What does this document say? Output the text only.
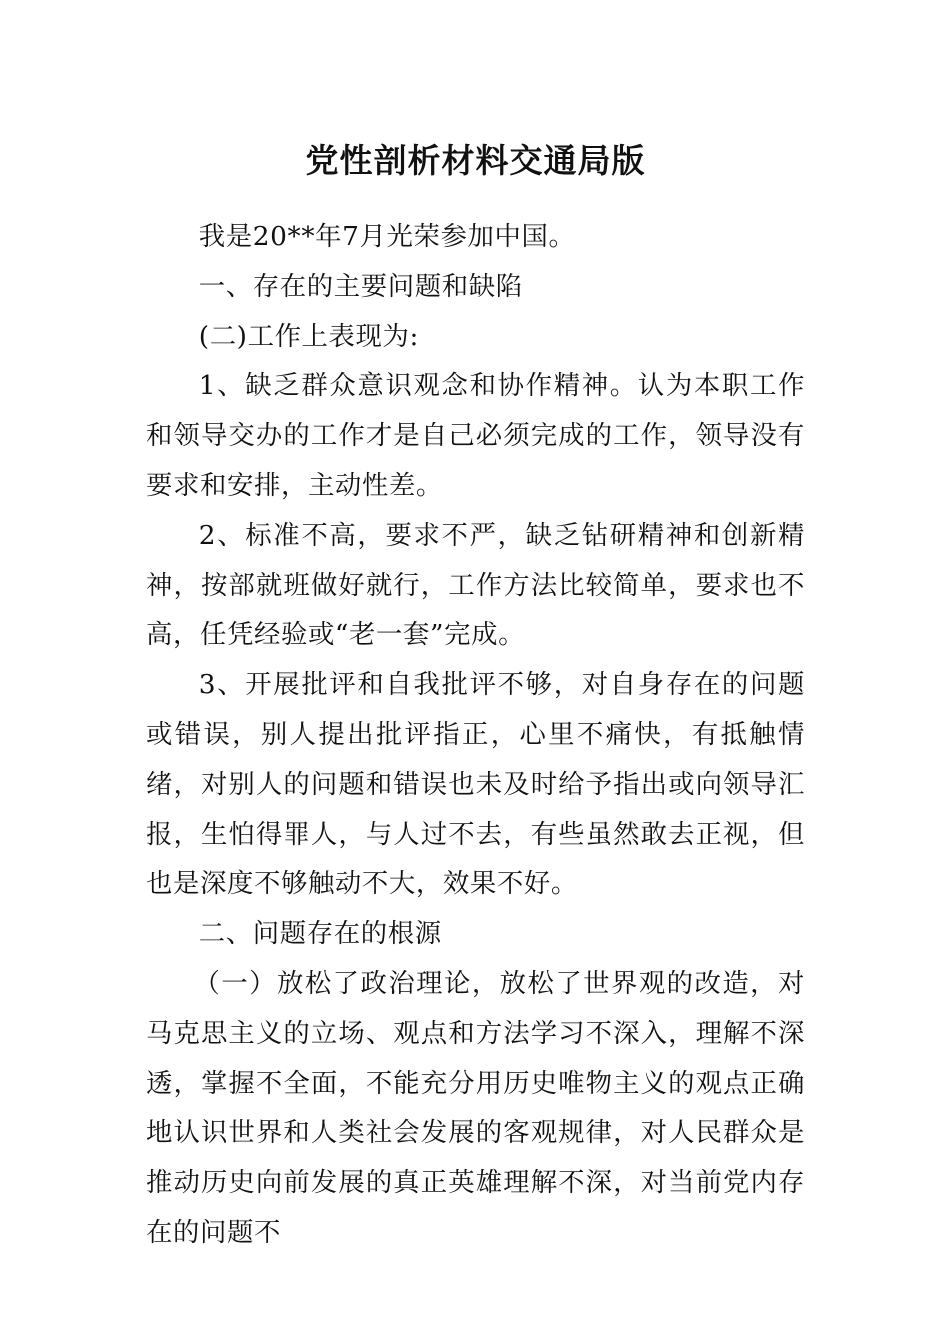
党性剖析材料交通局版

我是20**年7月光荣参加中国。

一、存在的主要问题和缺陷

(二)工作上表现为:

1、缺乏群众意识观念和协作精神。认为本职工作和领导交办的工作才是自己必须完成的工作，领导没有要求和安排，主动性差。

2、标准不高，要求不严，缺乏钻研精神和创新精神，按部就班做好就行，工作方法比较简单，要求也不高，任凭经验或“老一套”完成。

3、开展批评和自我批评不够，对自身存在的问题或错误，别人提出批评指正，心里不痛快，有抵触情绪，对别人的问题和错误也未及时给予指出或向领导汇报，生怕得罪人，与人过不去，有些虽然敢去正视，但也是深度不够触动不大，效果不好。

二、问题存在的根源

（一）放松了政治理论，放松了世界观的改造，对马克思主义的立场、观点和方法学习不深入，理解不深透，掌握不全面，不能充分用历史唯物主义的观点正确地认识世界和人类社会发展的客观规律，对人民群众是推动历史向前发展的真正英雄理解不深，对当前党内存在的问题不
